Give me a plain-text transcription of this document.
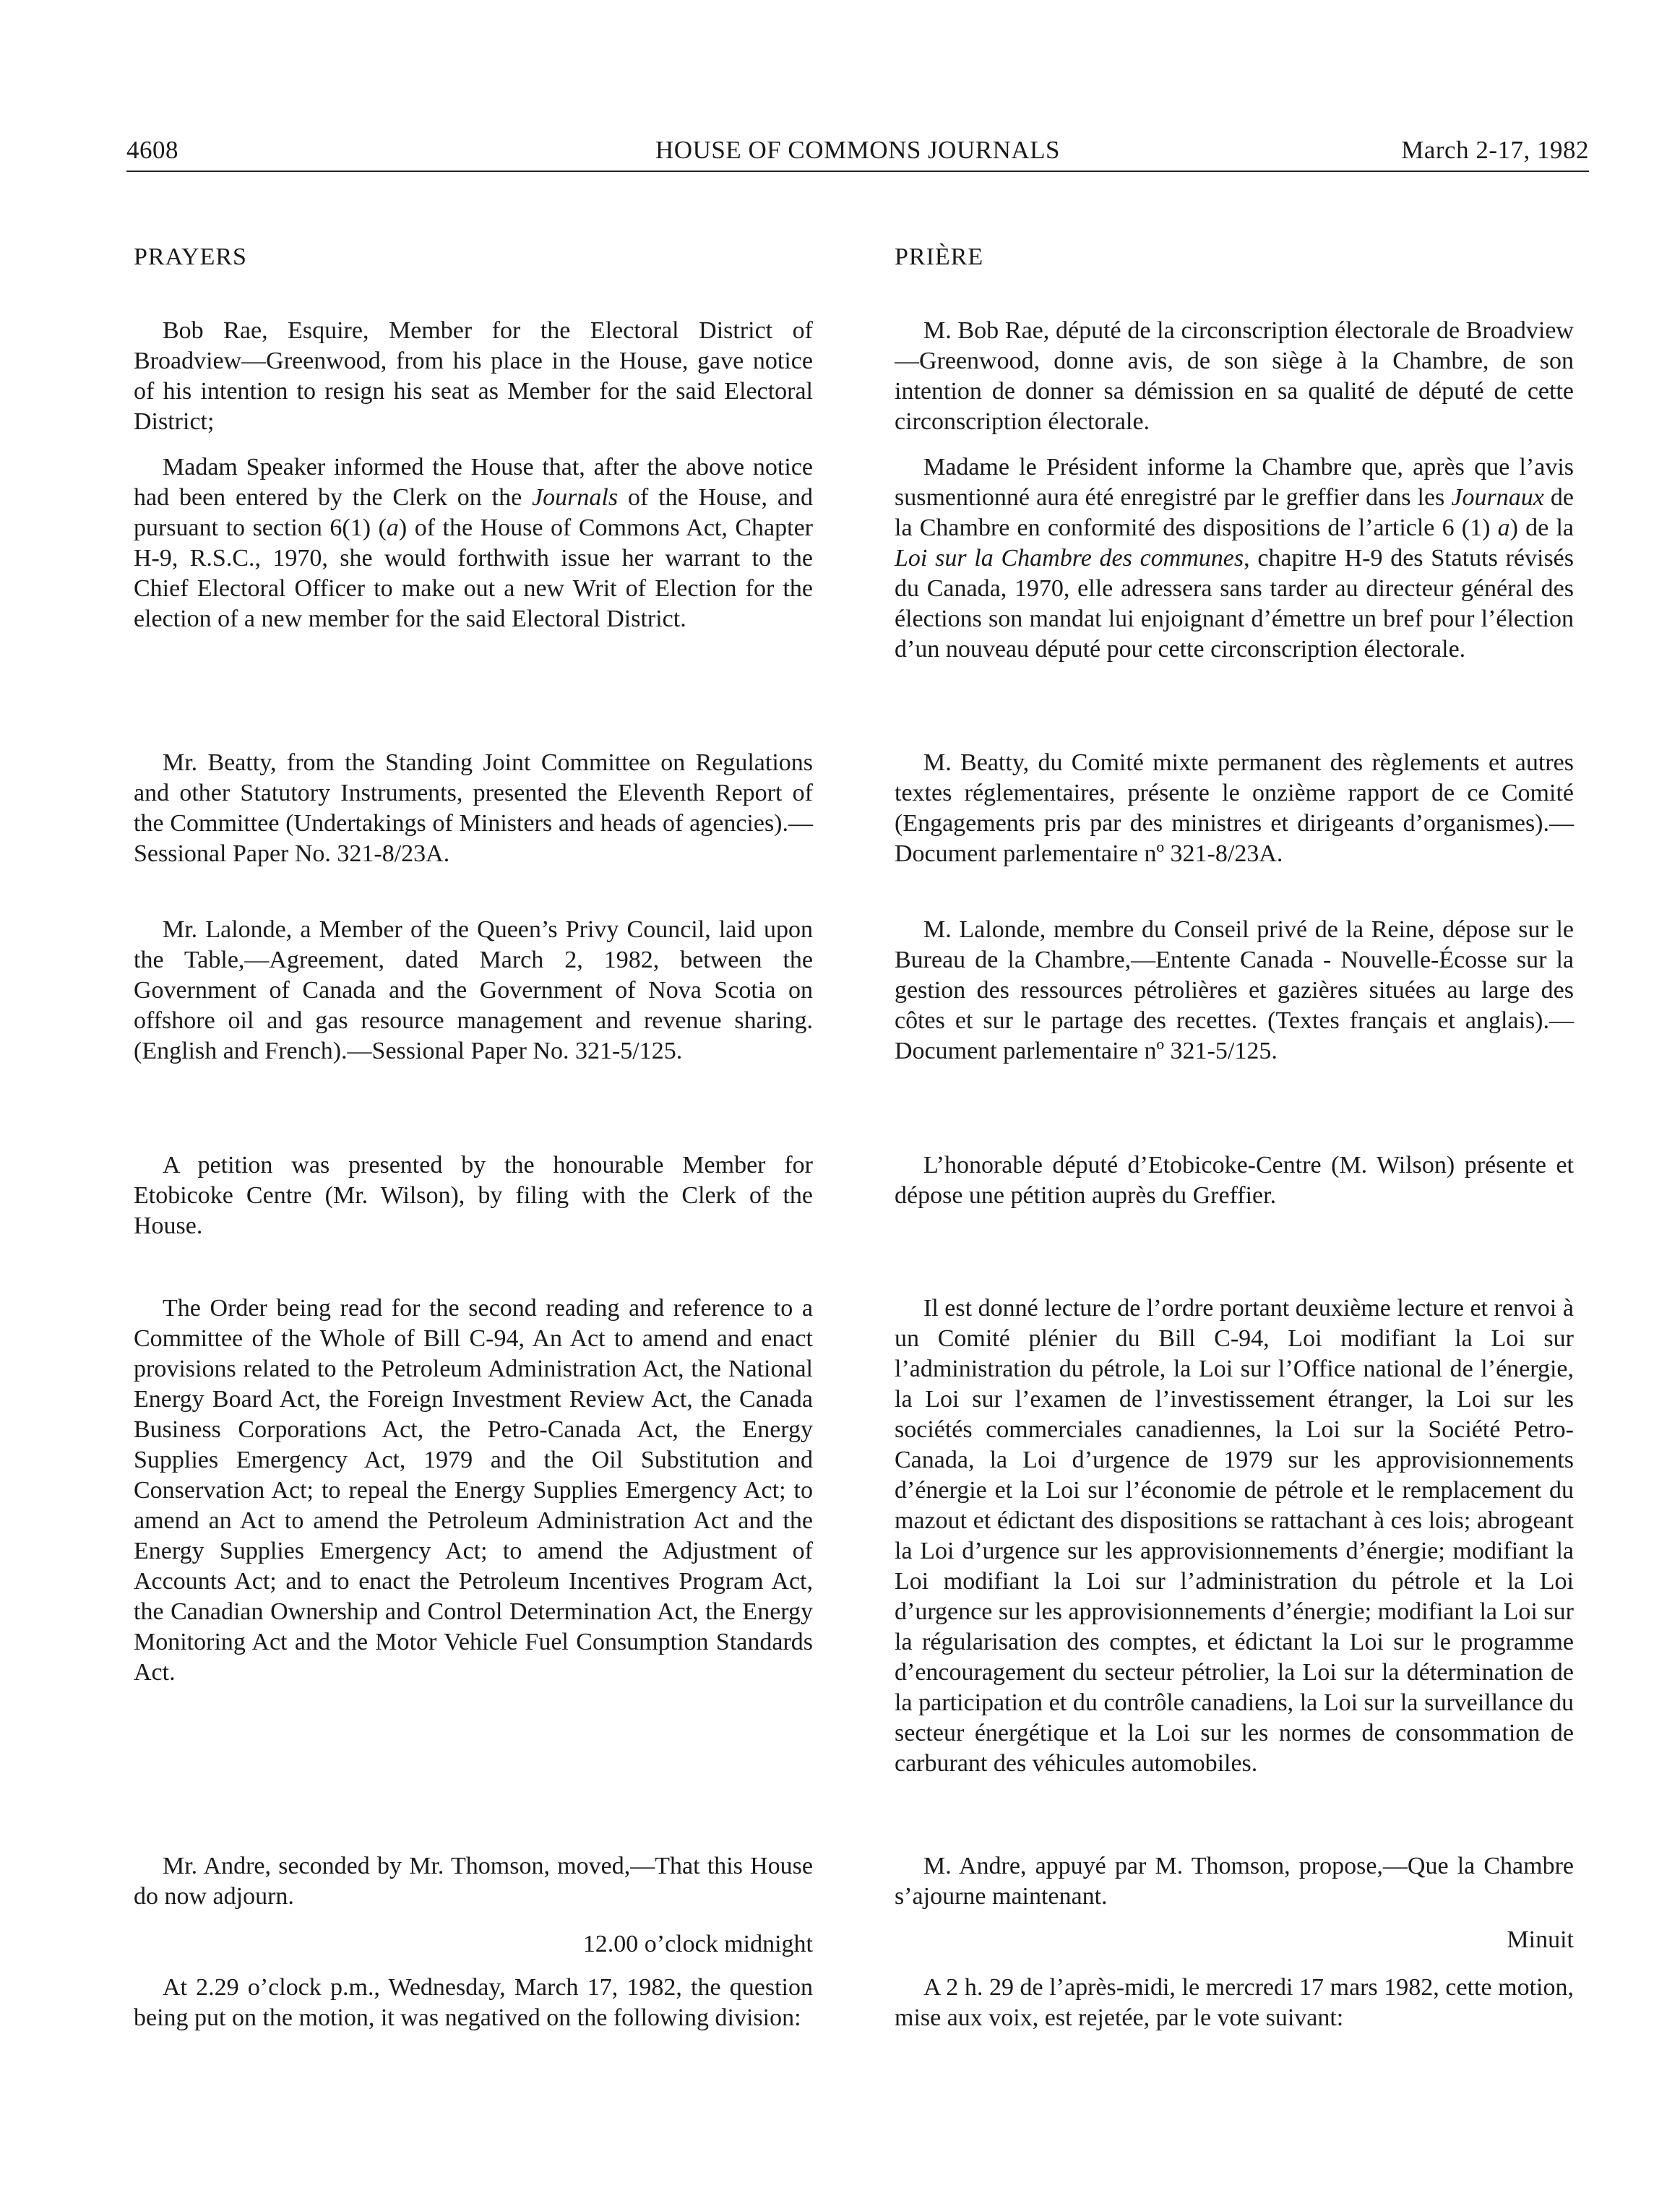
4608	HOUSE OF COMMONS JOURNALS	March 2-17, 1982
PRAYERS

Bob Rae, Esquire, Member for the Electoral District of Broadview—Greenwood, from his place in the House, gave notice of his intention to resign his seat as Member for the said Electoral District;

Madam Speaker informed the House that, after the above notice had been entered by the Clerk on the Journals of the House, and pursuant to section 6(1) (a) of the House of Commons Act, Chapter H-9, R.S.C., 1970, she would forthwith issue her warrant to the Chief Electoral Officer to make out a new Writ of Election for the election of a new member for the said Electoral District.

Mr. Beatty, from the Standing Joint Committee on Regulations and other Statutory Instruments, presented the Eleventh Report of the Committee (Undertakings of Ministers and heads of agencies).—Sessional Paper No. 321-8/23A.

Mr. Lalonde, a Member of the Queen’s Privy Council, laid upon the Table,—Agreement, dated March 2, 1982, between the Government of Canada and the Government of Nova Scotia on offshore oil and gas resource management and revenue sharing. (English and French).—Sessional Paper No. 321-5/125.

A petition was presented by the honourable Member for Etobicoke Centre (Mr. Wilson), by filing with the Clerk of the House.

The Order being read for the second reading and reference to a Committee of the Whole of Bill C-94, An Act to amend and enact provisions related to the Petroleum Administration Act, the National Energy Board Act, the Foreign Investment Review Act, the Canada Business Corporations Act, the Petro-Canada Act, the Energy Supplies Emergency Act, 1979 and the Oil Substitution and Conservation Act; to repeal the Energy Supplies Emergency Act; to amend an Act to amend the Petroleum Administration Act and the Energy Supplies Emergency Act; to amend the Adjustment of Accounts Act; and to enact the Petroleum Incentives Program Act, the Canadian Ownership and Control Determination Act, the Energy Monitoring Act and the Motor Vehicle Fuel Consumption Standards Act.

Mr. Andre, seconded by Mr. Thomson, moved,—That this House do now adjourn.

12.00 o’clock midnight

At 2.29 o’clock p.m., Wednesday, March 17, 1982, the question being put on the motion, it was negatived on the following division:

PRIÈRE

M. Bob Rae, député de la circonscription électorale de Broadview—Greenwood, donne avis, de son siège à la Chambre, de son intention de donner sa démission en sa qualité de député de cette circonscription électorale.

Madame le Président informe la Chambre que, après que l’avis susmentionné aura été enregistré par le greffier dans les Journaux de la Chambre en conformité des dispositions de l’article 6 (1) a) de la Loi sur la Chambre des communes, chapitre H-9 des Statuts révisés du Canada, 1970, elle adressera sans tarder au directeur général des élections son mandat lui enjoignant d’émettre un bref pour l’élection d’un nouveau député pour cette circonscription électorale.

M. Beatty, du Comité mixte permanent des règlements et autres textes réglementaires, présente le onzième rapport de ce Comité (Engagements pris par des ministres et dirigeants d’organismes).—Document parlementaire nº 321-8/23A.

M. Lalonde, membre du Conseil privé de la Reine, dépose sur le Bureau de la Chambre,—Entente Canada - Nouvelle-Écosse sur la gestion des ressources pétrolières et gazières situées au large des côtes et sur le partage des recettes. (Textes français et anglais).—Document parlementaire nº 321-5/125.

L’honorable député d’Etobicoke-Centre (M. Wilson) présente et dépose une pétition auprès du Greffier.

Il est donné lecture de l’ordre portant deuxième lecture et renvoi à un Comité plénier du Bill C-94, Loi modifiant la Loi sur l’administration du pétrole, la Loi sur l’Office national de l’énergie, la Loi sur l’examen de l’investissement étranger, la Loi sur les sociétés commerciales canadiennes, la Loi sur la Société Petro-Canada, la Loi d’urgence de 1979 sur les approvisionnements d’énergie et la Loi sur l’économie de pétrole et le remplacement du mazout et édictant des dispositions se rattachant à ces lois; abrogeant la Loi d’urgence sur les approvisionnements d’énergie; modifiant la Loi modifiant la Loi sur l’administration du pétrole et la Loi d’urgence sur les approvisionnements d’énergie; modifiant la Loi sur la régularisation des comptes, et édictant la Loi sur le programme d’encouragement du secteur pétrolier, la Loi sur la détermination de la participation et du contrôle canadiens, la Loi sur la surveillance du secteur énergétique et la Loi sur les normes de consommation de carburant des véhicules automobiles.

M. Andre, appuyé par M. Thomson, propose,—Que la Chambre s’ajourne maintenant.

Minuit

A 2 h. 29 de l’après-midi, le mercredi 17 mars 1982, cette motion, mise aux voix, est rejetée, par le vote suivant:
